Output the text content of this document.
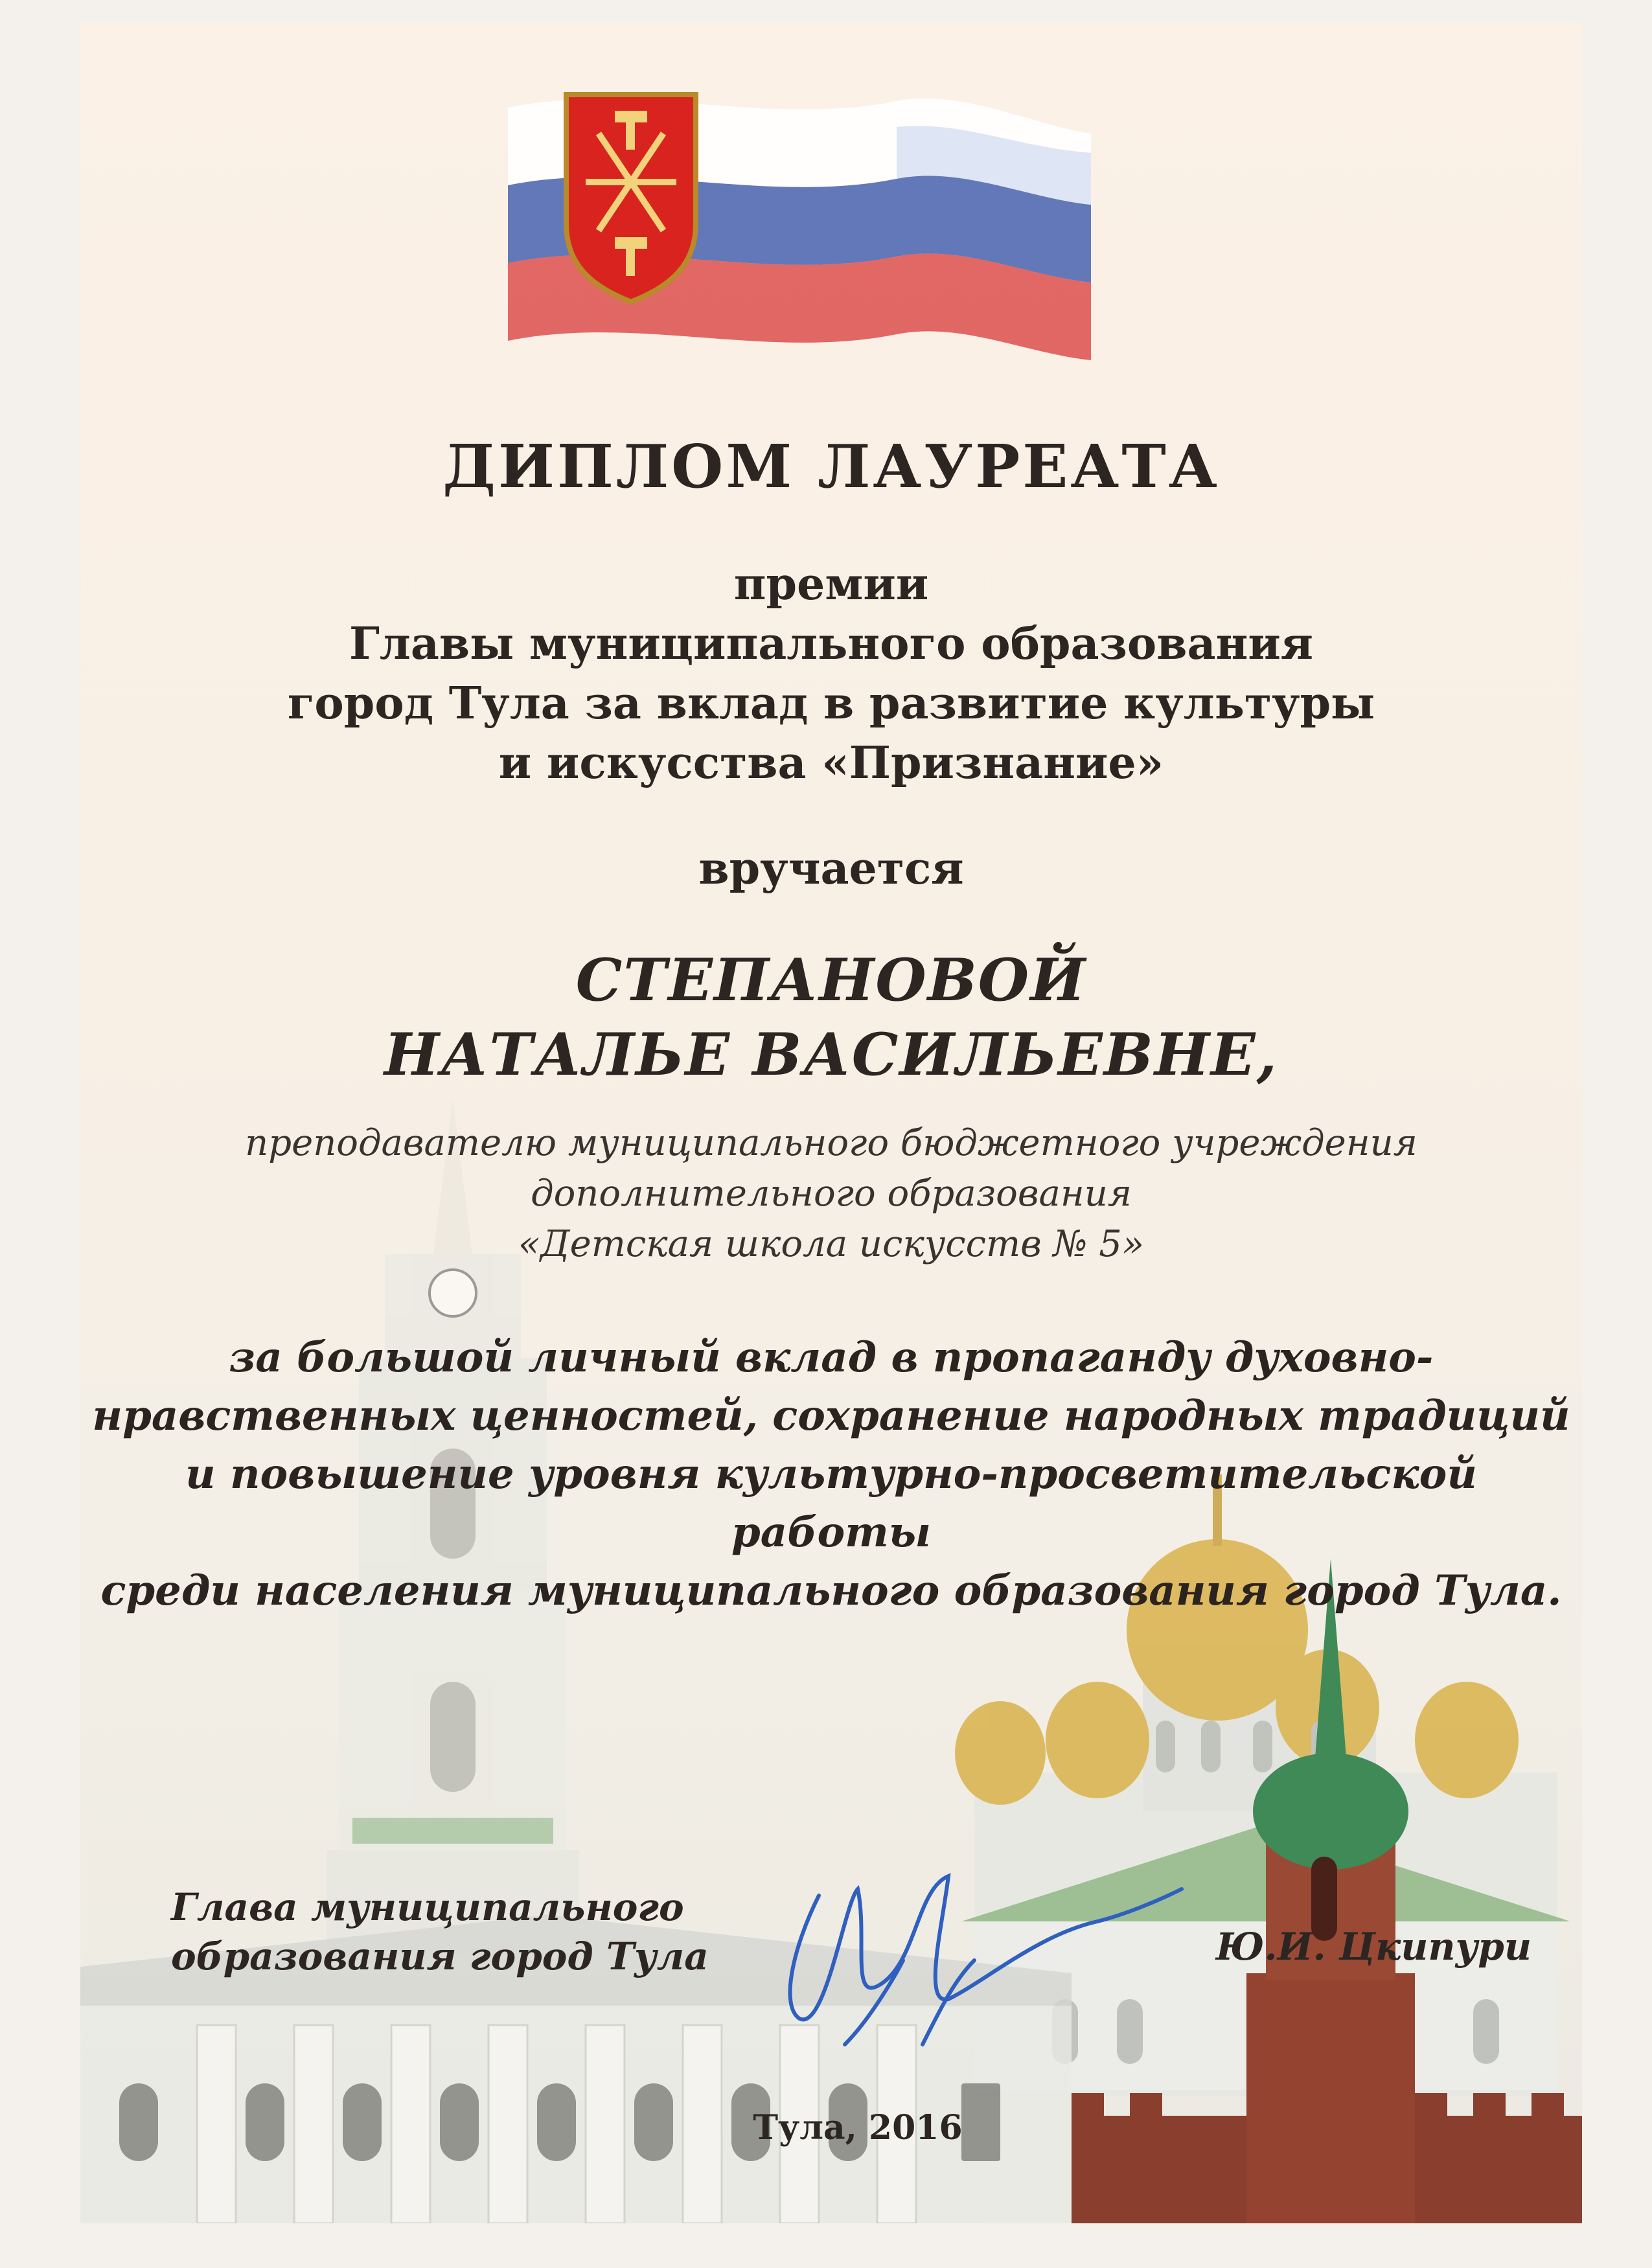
ДИПЛОМ ЛАУРЕАТА
премии
Главы муниципального образования
город Тула за вклад в развитие культуры
и искусства «Признание»
вручается
СТЕПАНОВОЙ
НАТАЛЬЕ ВАСИЛЬЕВНЕ,
преподавателю муниципального бюджетного учреждения
дополнительного образования
«Детская школа искусств № 5»
за большой личный вклад в пропаганду духовно-
нравственных ценностей, сохранение народных традиций
и повышение уровня культурно-просветительской работы
среди населения муниципального образования город Тула.
Глава муниципального
образования город Тула	Ю.И. Цкипури
Тула, 2016
